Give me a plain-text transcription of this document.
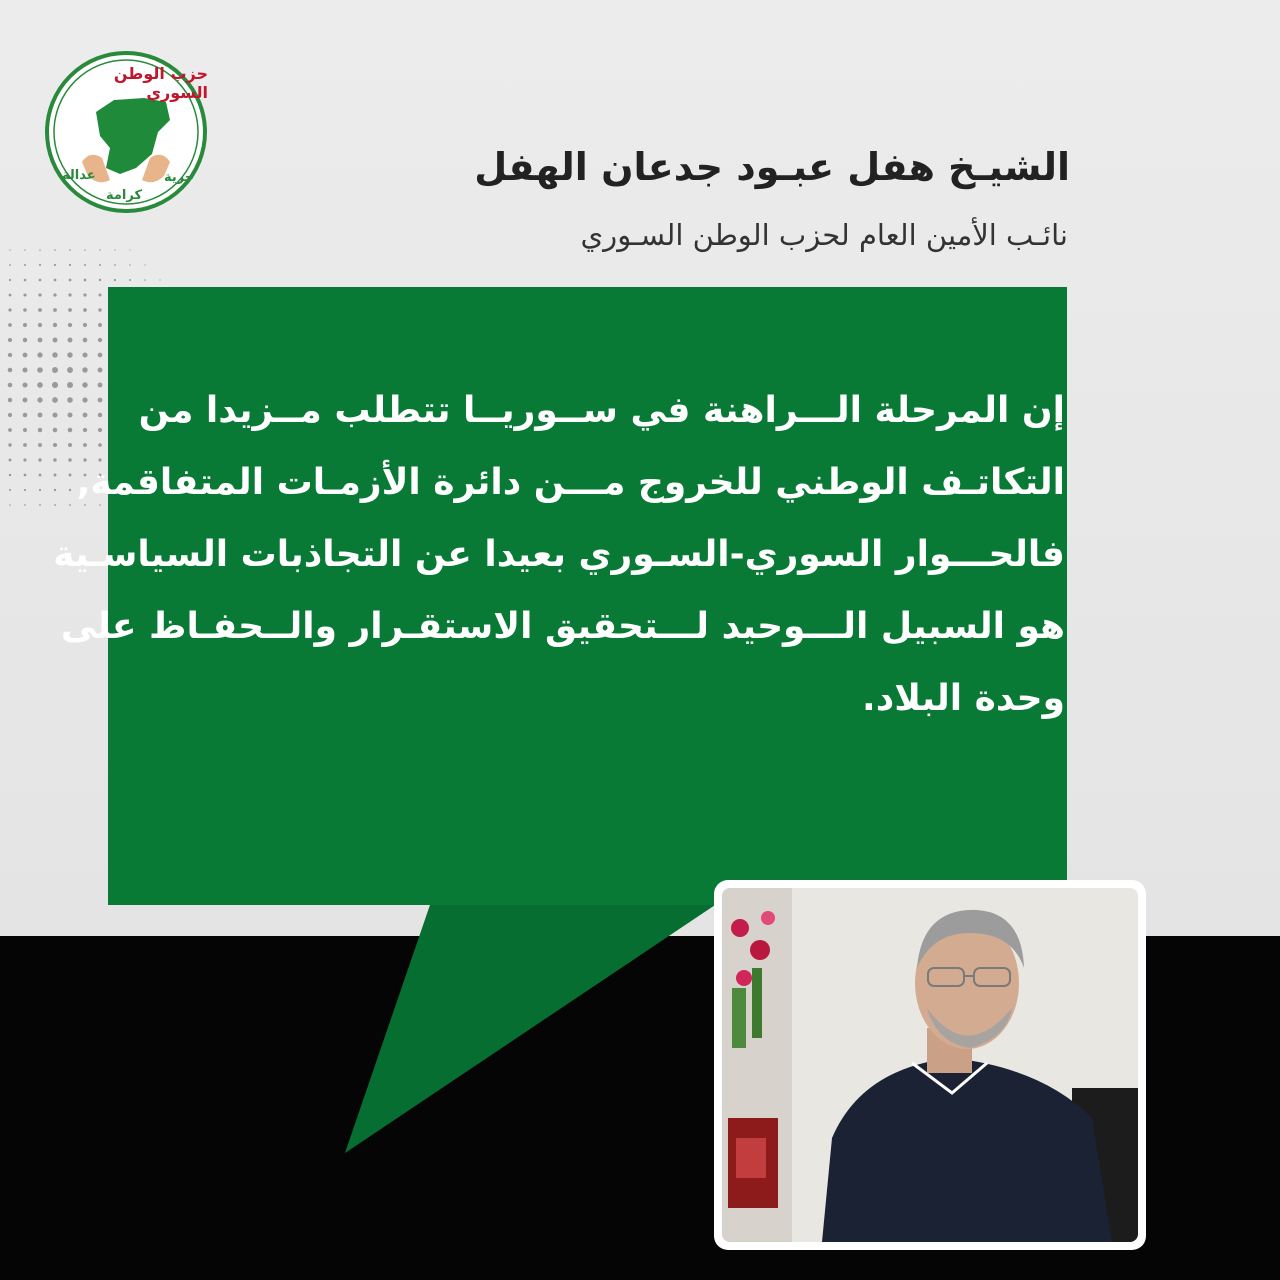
حزب الوطن السوري
حرية
كرامة
عدالة	الشيـخ هفل عبـود جدعان الهفل
نائـب الأمين العام لحزب الوطن السـوري
إن المرحلة الـــراهنة في ســوريــا تتطلب مــزيدا من
التكاتـف الوطني للخروج مـــن دائرة الأزمـات المتفاقمة,
فالحـــوار السوري-السـوري بعيدا عن التجاذبات السياسـية
هو السبيل الـــوحيد لـــتحقيق الاستقـرار والــحفـاظ على
وحدة البلاد.
